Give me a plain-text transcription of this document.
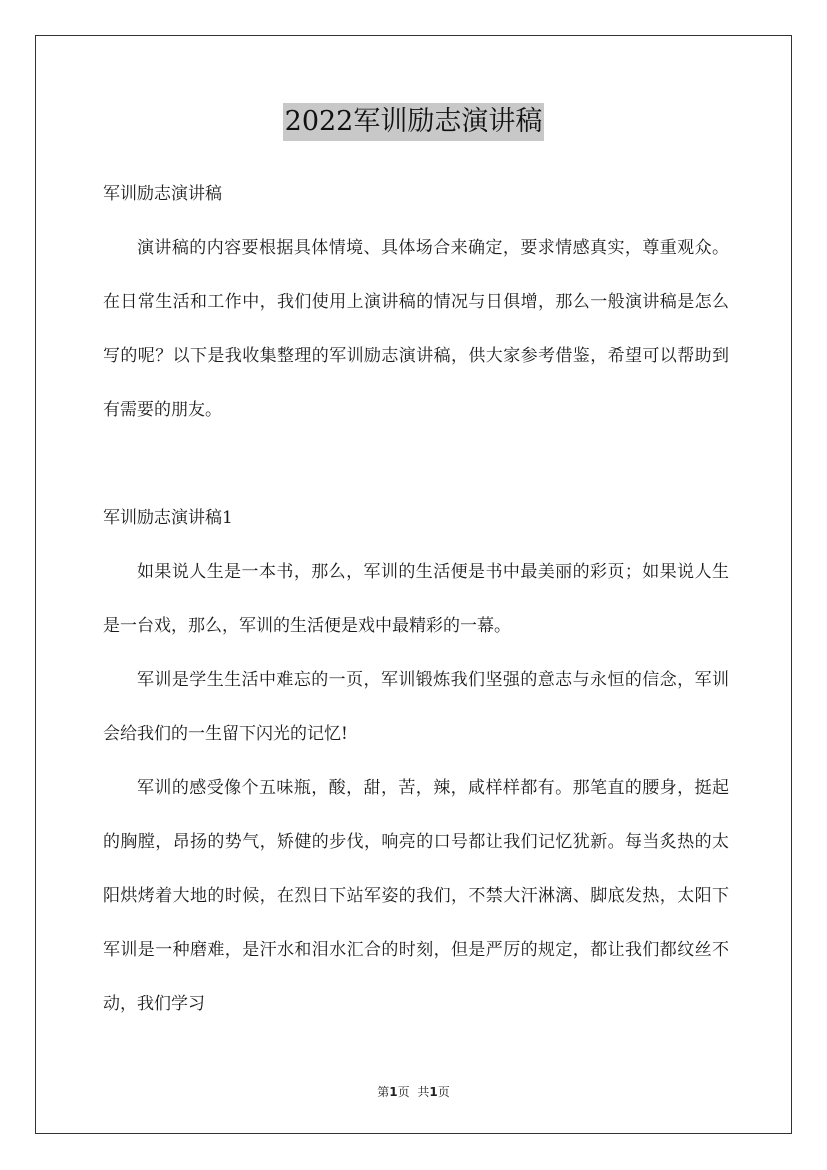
2022军训励志演讲稿

军训励志演讲稿

演讲稿的内容要根据具体情境、具体场合来确定，要求情感真实，尊重观众。在日常生活和工作中，我们使用上演讲稿的情况与日俱增，那么一般演讲稿是怎么写的呢？以下是我收集整理的军训励志演讲稿，供大家参考借鉴，希望可以帮助到有需要的朋友。

军训励志演讲稿1

如果说人生是一本书，那么，军训的生活便是书中最美丽的彩页；如果说人生是一台戏，那么，军训的生活便是戏中最精彩的一幕。

军训是学生生活中难忘的一页，军训锻炼我们坚强的意志与永恒的信念，军训会给我们的一生留下闪光的记忆!

军训的感受像个五味瓶，酸，甜，苦，辣，咸样样都有。那笔直的腰身，挺起的胸膛，昂扬的势气，矫健的步伐，响亮的口号都让我们记忆犹新。每当炙热的太阳烘烤着大地的时候，在烈日下站军姿的我们，不禁大汗淋漓、脚底发热，太阳下军训是一种磨难，是汗水和泪水汇合的时刻，但是严厉的规定，都让我们都纹丝不动，我们学习

第1页 共1页
